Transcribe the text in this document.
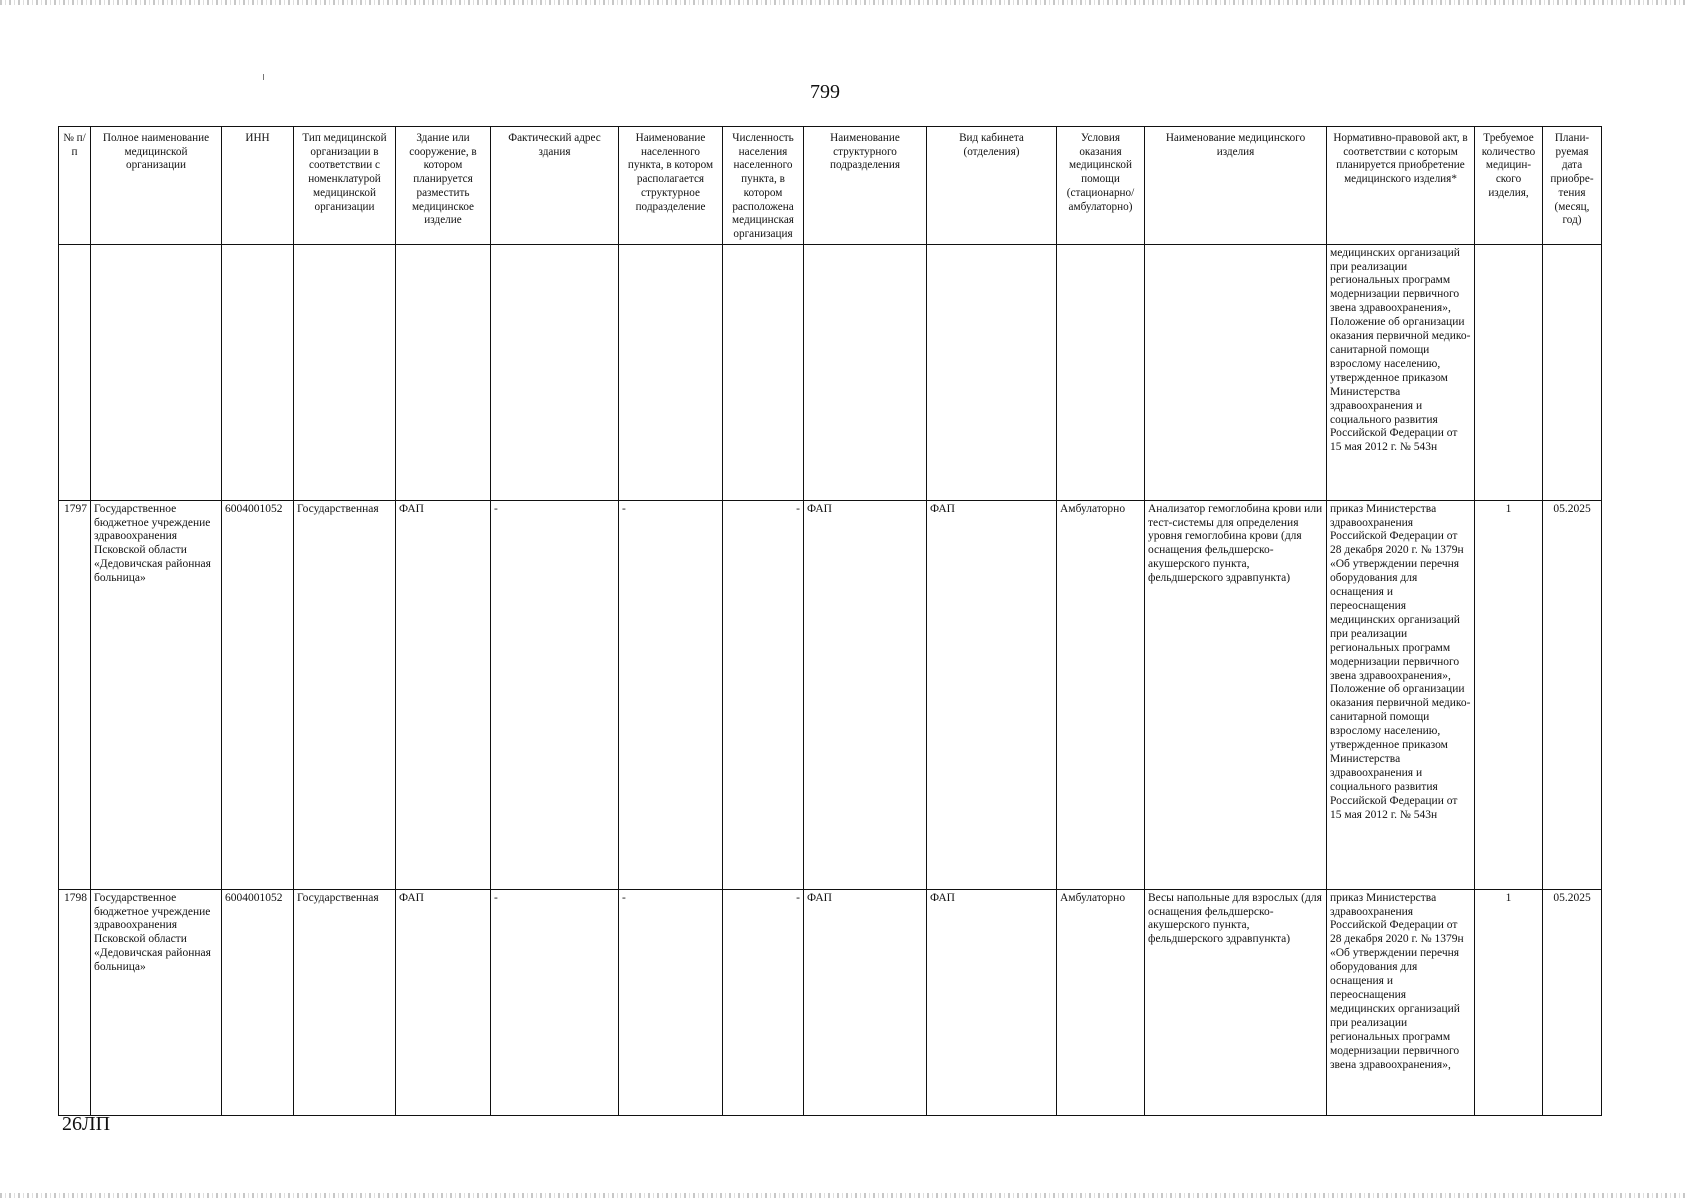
799
№ п/п	Полное наименование медицинской организации	ИНН	Тип медицинской организации в соответствии с номенклатурой медицинской организации	Здание или сооружение, в котором планируется разместить медицинское изделие	Фактический адрес здания	Наименование населенного пункта, в котором располагается структурное подразделение	Численность населения населенного пункта, в котором расположена медицинская организация	Наименование структурного подразделения	Вид кабинета (отделения)	Условия оказания медицинской помощи (стационарно/ амбулаторно)	Наименование медицинского изделия	Нормативно-правовой акт, в соответствии с которым планируется приобретение медицинского изделия*	Требуемое количество медицин-ского изделия,	Плани-руемая дата приобре-тения (месяц, год)
												медицинских организаций при реализации региональных программ модернизации первичного звена здравоохранения», Положение об организации оказания первичной медико-санитарной помощи взрослому населению, утвержденное приказом Министерства здравоохранения и социального развития Российской Федерации от 15 мая 2012 г. № 543н		
1797	Государственное бюджетное учреждение здравоохранения Псковской области «Дедовичская районная больница»	6004001052	Государственная	ФАП	-	-	-	ФАП	ФАП	Амбулаторно	Анализатор гемоглобина крови или тест-системы для определения уровня гемоглобина крови (для оснащения фельдшерско-акушерского пункта, фельдшерского здравпункта)	приказ Министерства здравоохранения Российской Федерации от 28 декабря 2020 г. № 1379н «Об утверждении перечня оборудования для оснащения и переоснащения медицинских организаций при реализации региональных программ модернизации первичного звена здравоохранения», Положение об организации оказания первичной медико-санитарной помощи взрослому населению, утвержденное приказом Министерства здравоохранения и социального развития Российской Федерации от 15 мая 2012 г. № 543н	1	05.2025
1798	Государственное бюджетное учреждение здравоохранения Псковской области «Дедовичская районная больница»	6004001052	Государственная	ФАП	-	-	-	ФАП	ФАП	Амбулаторно	Весы напольные для взрослых (для оснащения фельдшерско-акушерского пункта, фельдшерского здравпункта)	приказ Министерства здравоохранения Российской Федерации от 28 декабря 2020 г. № 1379н «Об утверждении перечня оборудования для оснащения и переоснащения медицинских организаций при реализации региональных программ модернизации первичного звена здравоохранения»,	1	05.2025
26ЛП
